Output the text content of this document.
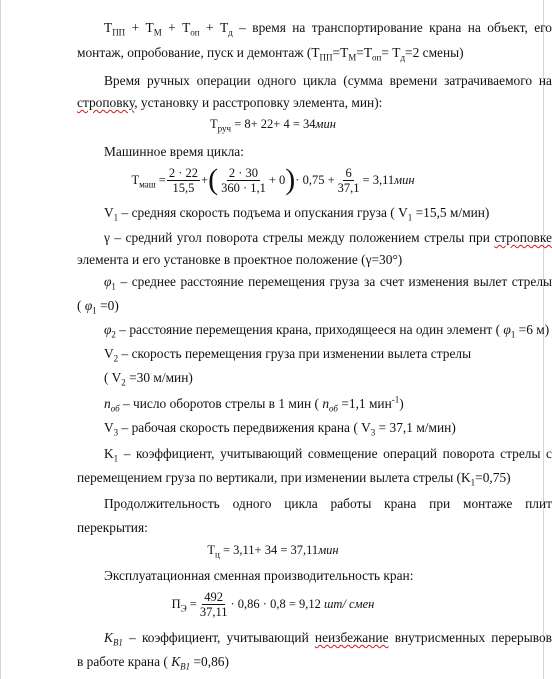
$T_{ПП} + T_М + T_{оп} + T_д$ – время на транспортирование крана на объект, его
монтаж, опробование, пуск и демонтаж ($T_{ПП}=T_М=T_{оп}= T_д=2$ смены)
Время ручных операции одного цикла (сумма времени затрачиваемого на
строповку, установку и расстроповку элемента, мин):
$T_{руч} = 8+ 22+ 4 = 34мин$
Машинное время цикла:
$T_{маш} = \frac{2 \cdot 22}{15,5}$ + ( $\frac{2 \cdot 30}{360 \cdot 1,1} + 0$ ) · $0,75 + \frac{6}{37,1} = 3,11мин$
$V_1$ – средняя скорость подъема и опускания груза ( $V_1 =15,5$ м/мин)
γ – средний угол поворота стрелы между положением стрелы при строповке
элемента и его установке в проектное положение (γ=30°)
$\varphi_1$ – среднее расстояние перемещения груза за счет изменения вылет стрелы
( $\varphi_1 =0$)
$\varphi_2$ – расстояние перемещения крана, приходящееся на один элемент ( $\varphi_1 =6$ м)
$V_2$ – скорость перемещения груза при изменении вылета стрелы
( $V_2 =30$ м/мин)
$n_{об}$ – число оборотов стрелы в 1 мин ( $n_{об} =1,1$ мин$^{-1}$)
$V_3$ – рабочая скорость передвижения крана ( $V_3 = 37,1$ м/мин)
$K_1$ – коэффициент, учитывающий совмещение операций поворота стрелы с
перемещением груза по вертикали, при изменении вылета стрелы $(K_1=0,75)$
Продолжительность одного цикла работы крана при монтаже плит
перекрытия:
$T_ц = 3,11+ 34 = 37,11мин$
Эксплуатационная сменная производительность кран:
$П_Э = \frac{492}{37,11} \cdot 0,86 \cdot 0,8 = 9,12$ шт/ смен
$K_{В1}$ – коэффициент, учитывающий неизбежание внутрисменных перерывов
в работе крана ( $K_{В1} =0,86$)
